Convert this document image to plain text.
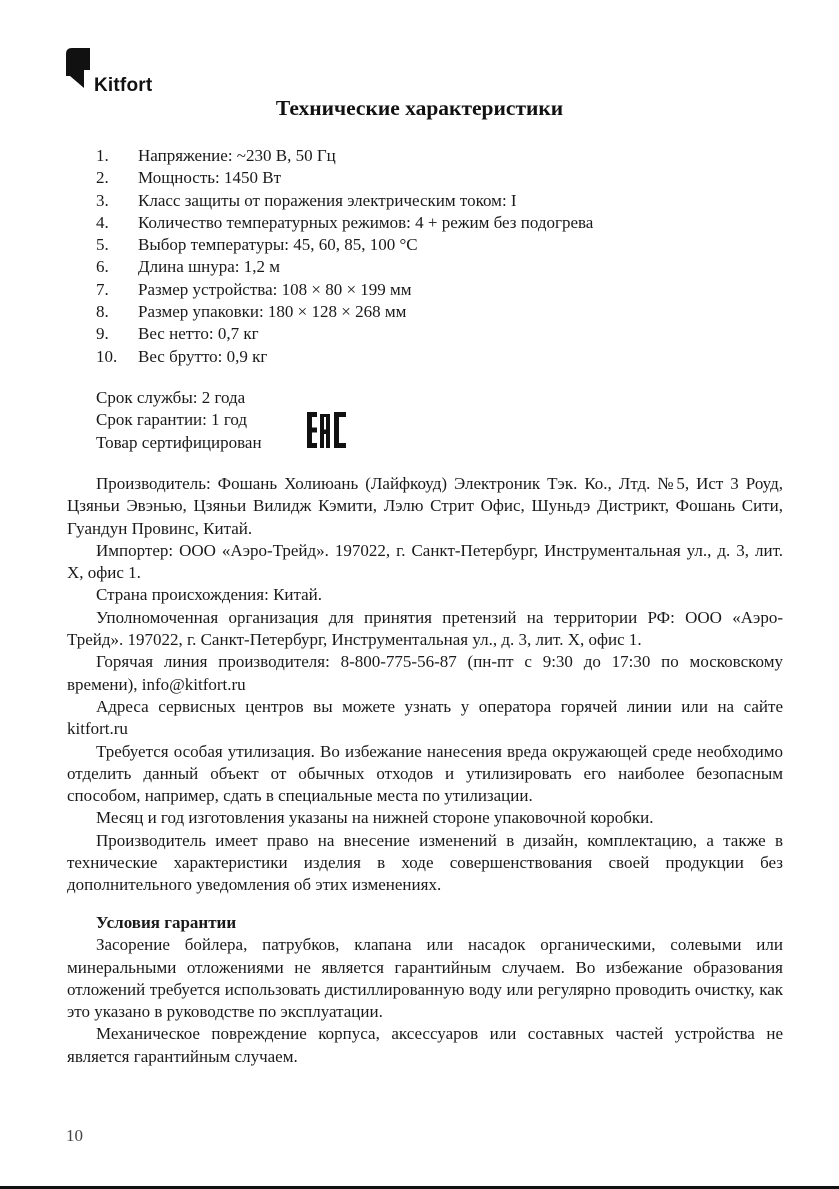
Kitfort
Технические характеристики
1. Напряжение: ~230 В, 50 Гц
2. Мощность: 1450 Вт
3. Класс защиты от поражения электрическим током: I
4. Количество температурных режимов: 4 + режим без подогрева
5. Выбор температуры: 45, 60, 85, 100 °C
6. Длина шнура: 1,2 м
7. Размер устройства: 108 × 80 × 199 мм
8. Размер упаковки: 180 × 128 × 268 мм
9. Вес нетто: 0,7 кг
10. Вес брутто: 0,9 кг
Срок службы: 2 года
Срок гарантии: 1 год
Товар сертифицирован

Производитель: Фошань Холиюань (Лайфкоуд) Электроник Тэк. Ко., Лтд. №5, Ист 3 Роуд, Цзяньи Эвэнью, Цзяньи Вилидж Кэмити, Лэлю Стрит Офис, Шуньдэ Дистрикт, Фошань Сити, Гуандун Провинс, Китай.

Импортер: ООО «Аэро-Трейд». 197022, г. Санкт-Петербург, Инструментальная ул., д. 3, лит. Х, офис 1.

Страна происхождения: Китай.

Уполномоченная организация для принятия претензий на территории РФ: ООО «Аэро-Трейд». 197022, г. Санкт-Петербург, Инструментальная ул., д. 3, лит. Х, офис 1.

Горячая линия производителя: 8-800-775-56-87 (пн-пт с 9:30 до 17:30 по московскому времени), info@kitfort.ru

Адреса сервисных центров вы можете узнать у оператора горячей линии или на сайте kitfort.ru

Требуется особая утилизация. Во избежание нанесения вреда окружающей среде необходимо отделить данный объект от обычных отходов и утилизировать его наиболее безопасным способом, например, сдать в специальные места по утилизации.

Месяц и год изготовления указаны на нижней стороне упаковочной коробки.

Производитель имеет право на внесение изменений в дизайн, комплектацию, а также в технические характеристики изделия в ходе совершенствования своей продукции без дополнительного уведомления об этих изменениях.

Условия гарантии

Засорение бойлера, патрубков, клапана или насадок органическими, солевыми или минеральными отложениями не является гарантийным случаем. Во избежание образования отложений требуется использовать дистиллированную воду или регулярно проводить очистку, как это указано в руководстве по эксплуатации.

Механическое повреждение корпуса, аксессуаров или составных частей устройства не является гарантийным случаем.

10
